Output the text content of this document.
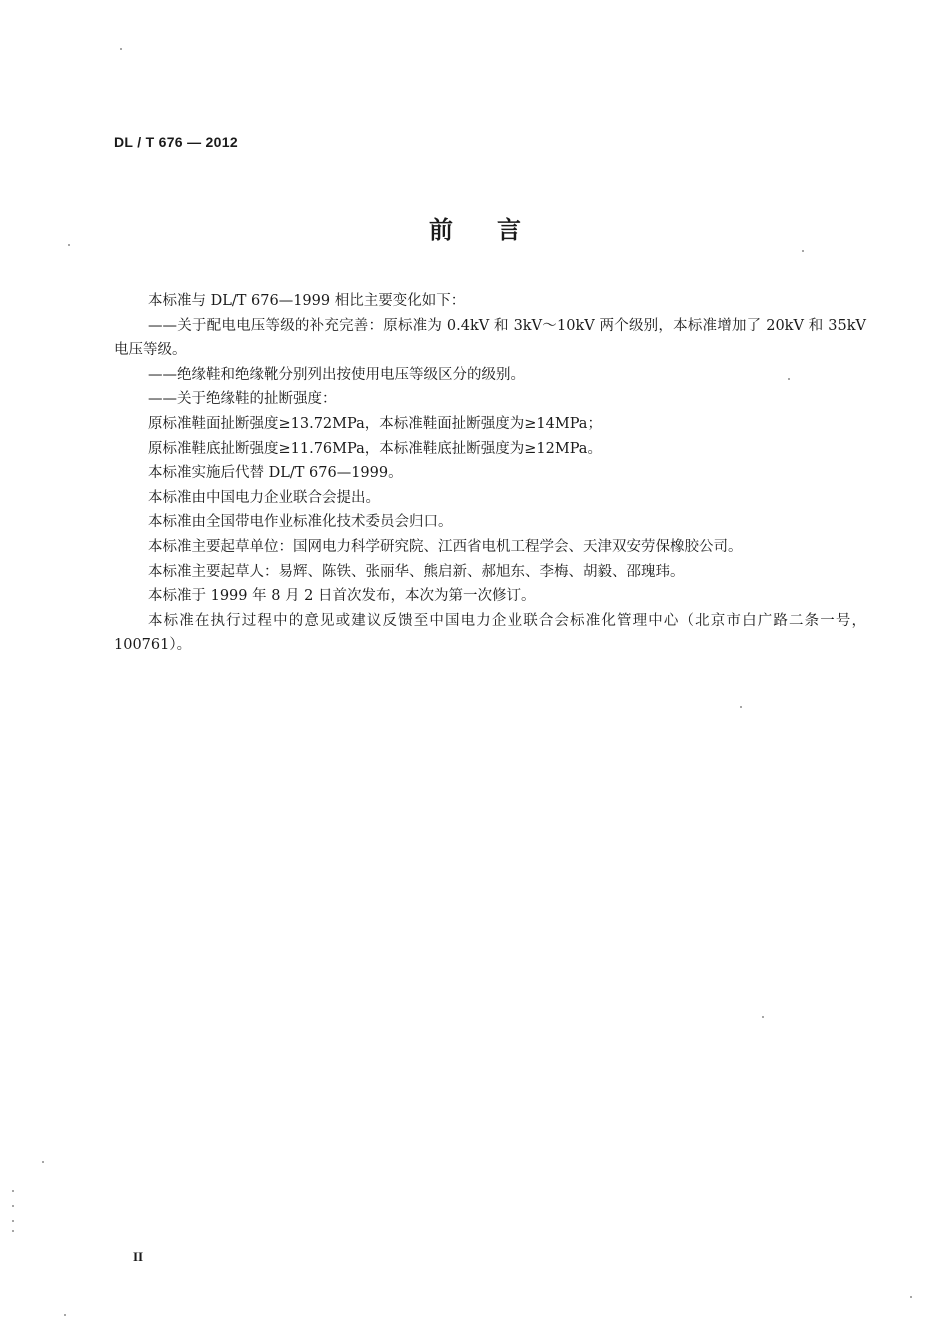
DL / T 676 — 2012
前言

本标准与 DL/T 676—1999 相比主要变化如下：

——关于配电电压等级的补充完善：原标准为 0.4kV 和 3kV～10kV 两个级别，本标准增加了 20kV 和 35kV 电压等级。

——绝缘鞋和绝缘靴分别列出按使用电压等级区分的级别。

——关于绝缘鞋的扯断强度：

原标准鞋面扯断强度≥13.72MPa，本标准鞋面扯断强度为≥14MPa；

原标准鞋底扯断强度≥11.76MPa，本标准鞋底扯断强度为≥12MPa。

本标准实施后代替 DL/T 676—1999。

本标准由中国电力企业联合会提出。

本标准由全国带电作业标准化技术委员会归口。

本标准主要起草单位：国网电力科学研究院、江西省电机工程学会、天津双安劳保橡胶公司。

本标准主要起草人：易辉、陈铁、张丽华、熊启新、郝旭东、李梅、胡毅、邵瑰玮。

本标准于 1999 年 8 月 2 日首次发布，本次为第一次修订。

本标准在执行过程中的意见或建议反馈至中国电力企业联合会标准化管理中心（北京市白广路二条一号，100761）。

II
